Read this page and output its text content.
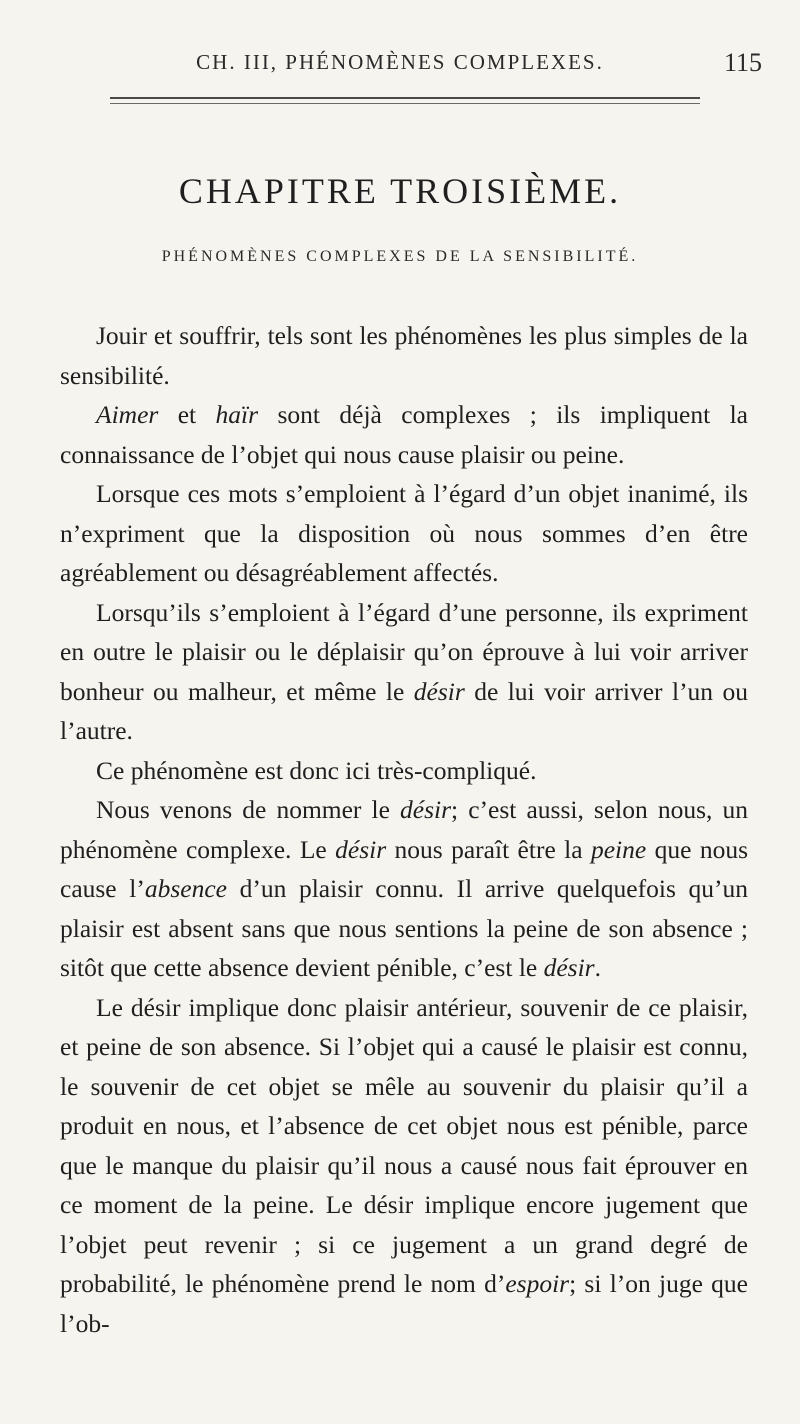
CH. III, PHÉNOMÈNES COMPLEXES.	115
CHAPITRE TROISIÈME.
PHÉNOMÈNES COMPLEXES DE LA SENSIBILITÉ.

Jouir et souffrir, tels sont les phénomènes les plus simples de la sensibilité.

Aimer et haïr sont déjà complexes ; ils impliquent la connaissance de l’objet qui nous cause plaisir ou peine.

Lorsque ces mots s’emploient à l’égard d’un objet inanimé, ils n’expriment que la disposition où nous sommes d’en être agréablement ou désagréablement affectés.

Lorsqu’ils s’emploient à l’égard d’une personne, ils expriment en outre le plaisir ou le déplaisir qu’on éprouve à lui voir arriver bonheur ou malheur, et même le désir de lui voir arriver l’un ou l’autre.

Ce phénomène est donc ici très-compliqué.

Nous venons de nommer le désir; c’est aussi, selon nous, un phénomène complexe. Le désir nous paraît être la peine que nous cause l’absence d’un plaisir connu. Il arrive quelquefois qu’un plaisir est absent sans que nous sentions la peine de son absence ; sitôt que cette absence devient pénible, c’est le désir.

Le désir implique donc plaisir antérieur, souvenir de ce plaisir, et peine de son absence. Si l’objet qui a causé le plaisir est connu, le souvenir de cet objet se mêle au souvenir du plaisir qu’il a produit en nous, et l’absence de cet objet nous est pénible, parce que le manque du plaisir qu’il nous a causé nous fait éprouver en ce moment de la peine. Le désir implique encore jugement que l’objet peut revenir ; si ce jugement a un grand degré de probabilité, le phénomène prend le nom d’espoir; si l’on juge que l’ob-
